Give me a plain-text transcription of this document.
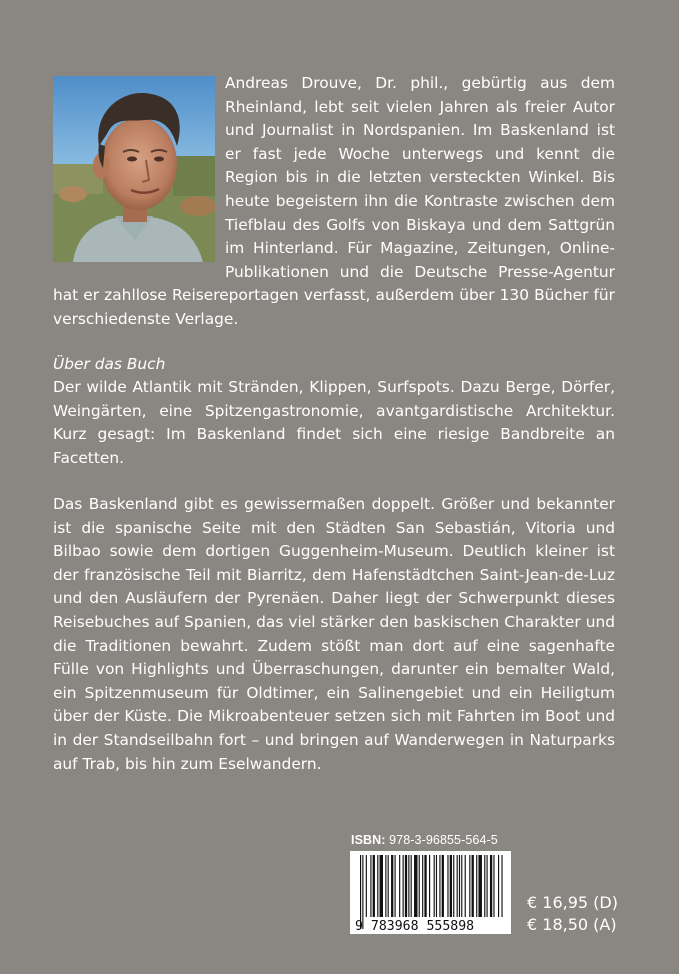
Andreas Drouve, Dr. phil., gebürtig aus dem Rheinland, lebt seit vielen Jahren als freier Autor und Journalist in Nordspanien. Im Baskenland ist er fast jede Woche unterwegs und kennt die Region bis in die letzten versteckten Winkel. Bis heute begeistern ihn die Kontraste zwischen dem Tiefblau des Golfs von Biskaya und dem Sattgrün im Hinterland. Für Magazine, Zeitungen, Online-Publikationen und die Deutsche Presse-Agentur hat er zahllose Reisereportagen verfasst, außerdem über 130 Bücher für verschiedenste Verlage.
Über das Buch
Der wilde Atlantik mit Stränden, Klippen, Surfspots. Dazu Berge, Dörfer, Weingärten, eine Spitzengastronomie, avantgardistische Architektur. Kurz gesagt: Im Baskenland findet sich eine riesige Bandbreite an Facetten.
Das Baskenland gibt es gewissermaßen doppelt. Größer und bekannter ist die spanische Seite mit den Städten San Sebastián, Vitoria und Bilbao sowie dem dortigen Guggenheim-Museum. Deutlich kleiner ist der französische Teil mit Biarritz, dem Hafenstädtchen Saint-Jean-de-Luz und den Ausläufern der Pyrenäen. Daher liegt der Schwerpunkt dieses Reisebuches auf Spanien, das viel stärker den baskischen Charakter und die Traditionen bewahrt. Zudem stößt man dort auf eine sagenhafte Fülle von Highlights und Überraschungen, darunter ein bemalter Wald, ein Spitzenmuseum für Oldtimer, ein Salinengebiet und ein Heiligtum über der Küste. Die Mikroabenteuer setzen sich mit Fahrten im Boot und in der Standseilbahn fort – und bringen auf Wanderwegen in Naturparks auf Trab, bis hin zum Eselwandern.
ISBN: 978-3-96855-564-5
9 783968 555898
€ 16,95 (D)
€ 18,50 (A)
